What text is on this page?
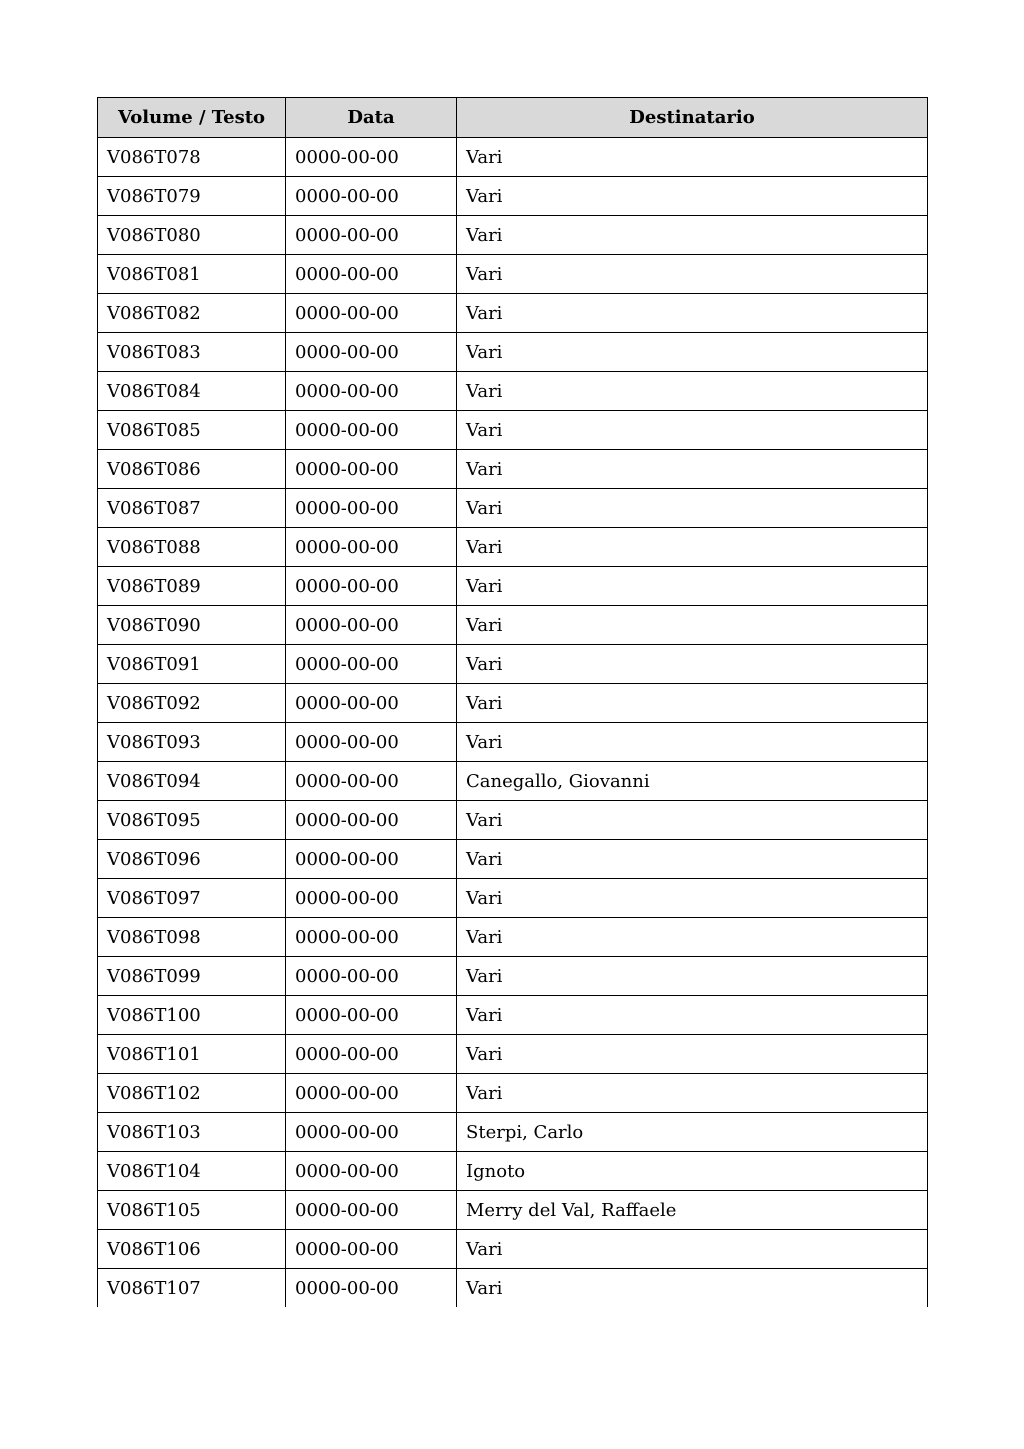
Volume / Testo	Data	Destinatario
V086T078	0000-00-00	Vari
V086T079	0000-00-00	Vari
V086T080	0000-00-00	Vari
V086T081	0000-00-00	Vari
V086T082	0000-00-00	Vari
V086T083	0000-00-00	Vari
V086T084	0000-00-00	Vari
V086T085	0000-00-00	Vari
V086T086	0000-00-00	Vari
V086T087	0000-00-00	Vari
V086T088	0000-00-00	Vari
V086T089	0000-00-00	Vari
V086T090	0000-00-00	Vari
V086T091	0000-00-00	Vari
V086T092	0000-00-00	Vari
V086T093	0000-00-00	Vari
V086T094	0000-00-00	Canegallo, Giovanni
V086T095	0000-00-00	Vari
V086T096	0000-00-00	Vari
V086T097	0000-00-00	Vari
V086T098	0000-00-00	Vari
V086T099	0000-00-00	Vari
V086T100	0000-00-00	Vari
V086T101	0000-00-00	Vari
V086T102	0000-00-00	Vari
V086T103	0000-00-00	Sterpi, Carlo
V086T104	0000-00-00	Ignoto
V086T105	0000-00-00	Merry del Val, Raffaele
V086T106	0000-00-00	Vari
V086T107	0000-00-00	Vari
